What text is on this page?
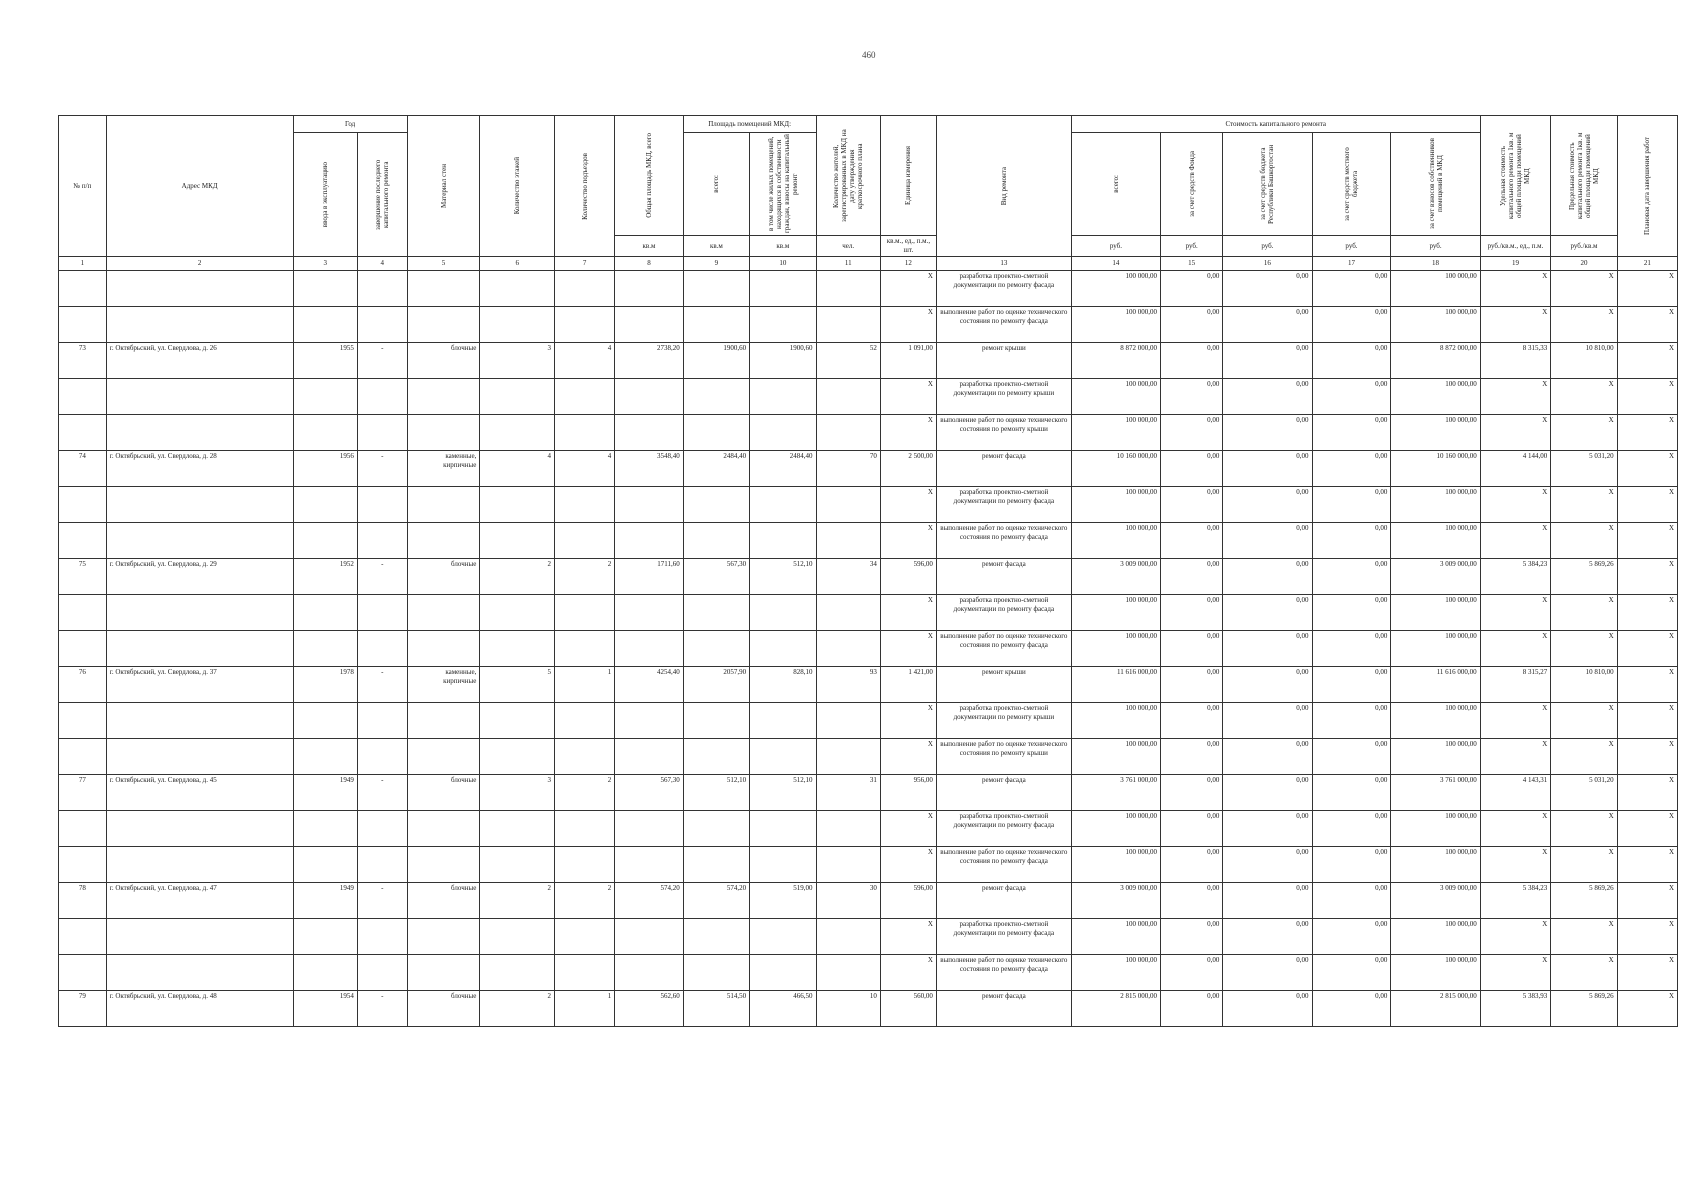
460
№ п/п	Адрес МКД	Год		Материал стен	Количество этажей	Количество подъездов	Общая площадь МКД, всего	Площадь помещений МКД:		Количество жителей, зарегистрированных в МКД на дату утверждения краткосрочного плана	Единица измерения	Вид ремонта	Стоимость капитального ремонта					Удельная стоимость капитального ремонта 1кв. м общей площади помещений МКД	Предельная стоимость капитального ремонта 1кв. м общей площади помещений МКД	Плановая дата завершения работ

		ввода в эксплуатацию	завершение последнего капитального ремонта					всего:	в том числе жилых помещений, находящихся в собственности граждан, взносы на капитальный ремонт				всего:	за счет средств Фонда	за счет средств бюджета Республики Башкортостан	за счет средств местного бюджета	за счет взносов собственников помещений в МКД			

							кв.м	кв.м	кв.м	чел.	кв.м., ед., п.м., шт.		руб.	руб.	руб.	руб.	руб.	руб./кв.м., ед., п.м.	руб./кв.м	
1	2	3	4	5	6	7	8	9	10	11	12	13	14	15	16	17	18	19	20	21
											X	разработка проектно-сметной документации по ремонту фасада	100 000,00	0,00	0,00	0,00	100 000,00	X	X	X
											X	выполнение работ по оценке технического состояния по ремонту фасада	100 000,00	0,00	0,00	0,00	100 000,00	X	X	X
73	г. Октябрьский, ул. Свердлова, д. 26	1955	-	блочные	3	4	2738,20	1900,60	1900,60	52	1 091,00	ремонт крыши	8 872 000,00	0,00	0,00	0,00	8 872 000,00	8 315,33	10 810,00	X
											X	разработка проектно-сметной документации по ремонту крыши	100 000,00	0,00	0,00	0,00	100 000,00	X	X	X
											X	выполнение работ по оценке технического состояния по ремонту крыши	100 000,00	0,00	0,00	0,00	100 000,00	X	X	X
74	г. Октябрьский, ул. Свердлова, д. 28	1956	-	каменные, кирпичные	4	4	3548,40	2484,40	2484,40	70	2 500,00	ремонт фасада	10 160 000,00	0,00	0,00	0,00	10 160 000,00	4 144,00	5 031,20	X
											X	разработка проектно-сметной документации по ремонту фасада	100 000,00	0,00	0,00	0,00	100 000,00	X	X	X
											X	выполнение работ по оценке технического состояния по ремонту фасада	100 000,00	0,00	0,00	0,00	100 000,00	X	X	X
75	г. Октябрьский, ул. Свердлова, д. 29	1952	-	блочные	2	2	1711,60	567,30	512,10	34	596,00	ремонт фасада	3 009 000,00	0,00	0,00	0,00	3 009 000,00	5 384,23	5 869,26	X
											X	разработка проектно-сметной документации по ремонту фасада	100 000,00	0,00	0,00	0,00	100 000,00	X	X	X
											X	выполнение работ по оценке технического состояния по ремонту фасада	100 000,00	0,00	0,00	0,00	100 000,00	X	X	X
76	г. Октябрьский, ул. Свердлова, д. 37	1978	-	каменные, кирпичные	5	1	4254,40	2057,90	828,10	93	1 421,00	ремонт крыши	11 616 000,00	0,00	0,00	0,00	11 616 000,00	8 315,27	10 810,00	X
											X	разработка проектно-сметной документации по ремонту крыши	100 000,00	0,00	0,00	0,00	100 000,00	X	X	X
											X	выполнение работ по оценке технического состояния по ремонту крыши	100 000,00	0,00	0,00	0,00	100 000,00	X	X	X
77	г. Октябрьский, ул. Свердлова, д. 45	1949	-	блочные	3	2	567,30	512,10	512,10	31	956,00	ремонт фасада	3 761 000,00	0,00	0,00	0,00	3 761 000,00	4 143,31	5 031,20	X
											X	разработка проектно-сметной документации по ремонту фасада	100 000,00	0,00	0,00	0,00	100 000,00	X	X	X
											X	выполнение работ по оценке технического состояния по ремонту фасада	100 000,00	0,00	0,00	0,00	100 000,00	X	X	X
78	г. Октябрьский, ул. Свердлова, д. 47	1949	-	блочные	2	2	574,20	574,20	519,00	30	596,00	ремонт фасада	3 009 000,00	0,00	0,00	0,00	3 009 000,00	5 384,23	5 869,26	X
											X	разработка проектно-сметной документации по ремонту фасада	100 000,00	0,00	0,00	0,00	100 000,00	X	X	X
											X	выполнение работ по оценке технического состояния по ремонту фасада	100 000,00	0,00	0,00	0,00	100 000,00	X	X	X
79	г. Октябрьский, ул. Свердлова, д. 48	1954	-	блочные	2	1	562,60	514,50	466,50	10	560,00	ремонт фасада	2 815 000,00	0,00	0,00	0,00	2 815 000,00	5 383,93	5 869,26	X
